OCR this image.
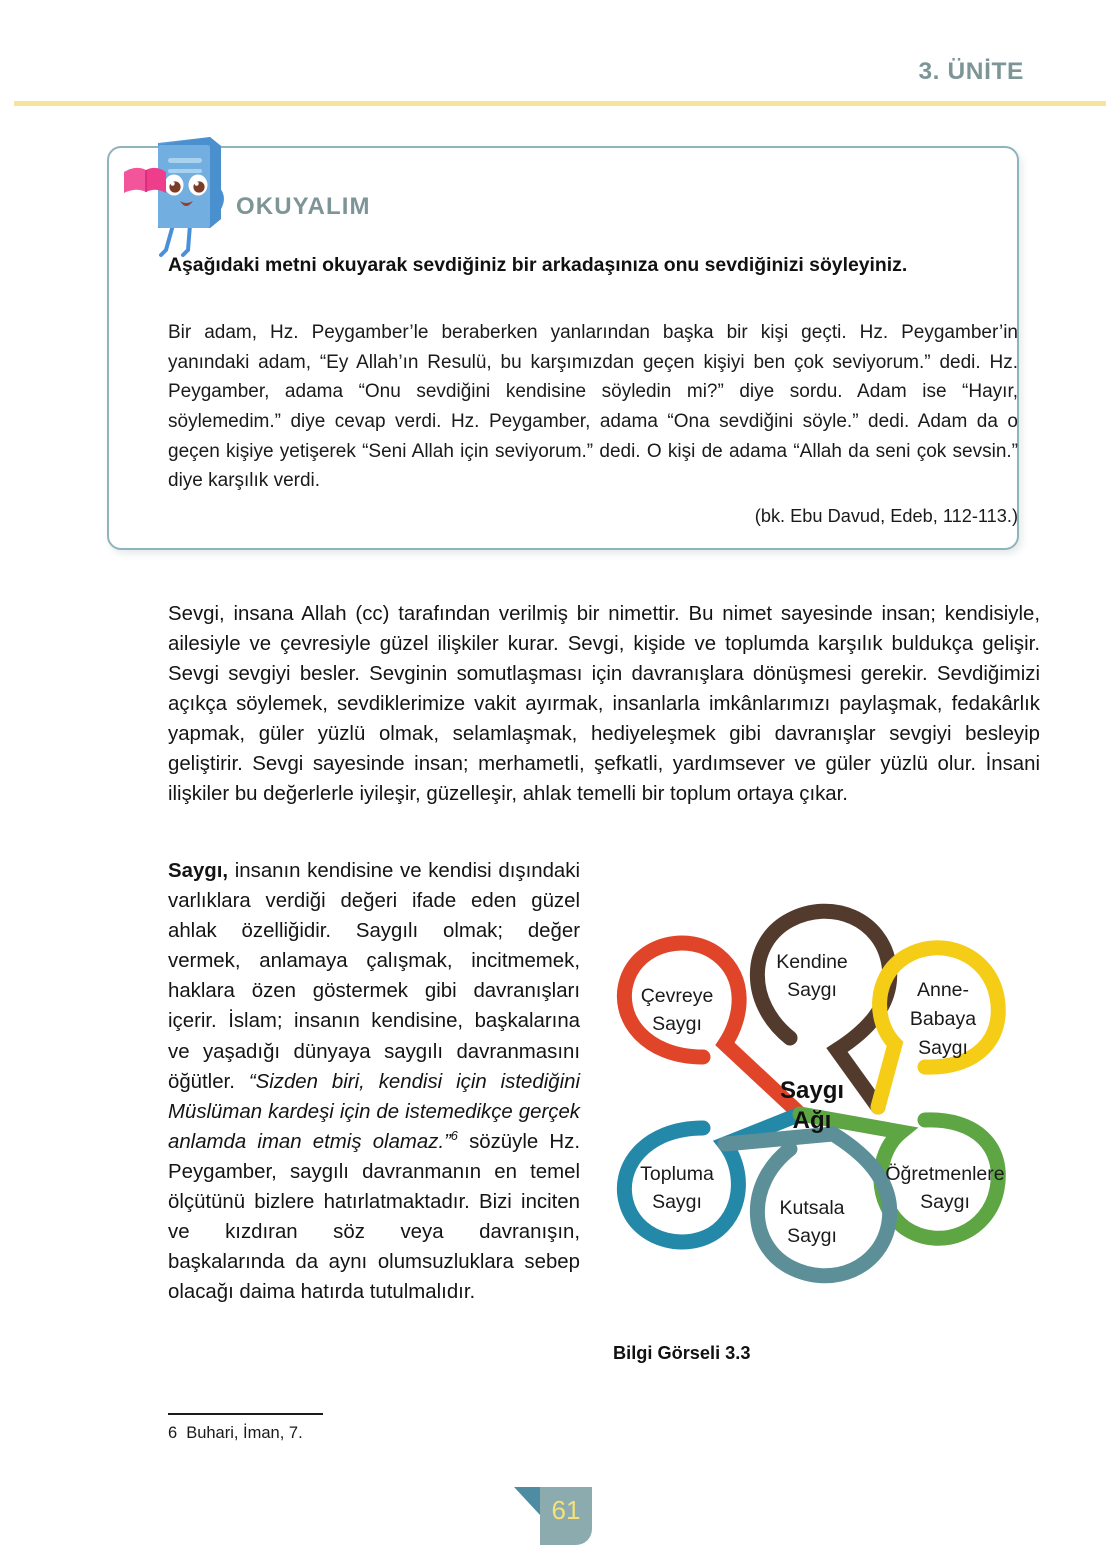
3. ÜNİTE
OKUYALIM
Aşağıdaki metni okuyarak sevdiğiniz bir arkadaşınıza onu sevdiğinizi söyleyiniz.
Bir adam, Hz. Peygamber’le beraberken yanlarından başka bir kişi geçti. Hz. Peygamber’in yanındaki adam, “Ey Allah’ın Resulü, bu karşımızdan geçen kişiyi ben çok seviyorum.” dedi. Hz. Peygamber, adama “Onu sevdiğini kendisine söyledin mi?” diye sordu. Adam ise “Hayır, söylemedim.” diye cevap verdi. Hz. Peygamber, adama “Ona sevdiğini söyle.” dedi. Adam da o geçen kişiye yetişerek “Seni Allah için seviyorum.” dedi. O kişi de adama “Allah da seni çok sevsin.” diye karşılık verdi.
(bk. Ebu Davud, Edeb, 112-113.)
Sevgi, insana Allah (cc) tarafından verilmiş bir nimettir. Bu nimet sayesinde insan; kendisiyle, ailesiyle ve çevresiyle güzel ilişkiler kurar. Sevgi, kişide ve toplumda karşılık buldukça gelişir. Sevgi sevgiyi besler. Sevginin somutlaşması için davranışlara dönüşmesi gerekir. Sevdiğimizi açıkça söylemek, sevdiklerimize vakit ayırmak, insanlarla imkânlarımızı paylaşmak, fedakârlık yapmak, güler yüzlü olmak, selamlaşmak, hediyeleşmek gibi davranışlar sevgiyi besleyip geliştirir. Sevgi sayesinde insan; merhametli, şefkatli, yardımsever ve güler yüzlü olur. İnsani ilişkiler bu değerlerle iyileşir, güzelleşir, ahlak temelli bir toplum ortaya çıkar.
Saygı, insanın kendisine ve kendisi dışındaki varlıklara verdiği değeri ifade eden güzel ahlak özelliğidir. Saygılı olmak; değer vermek, anlamaya çalışmak, incitmemek, haklara özen göstermek gibi davranışları içerir. İslam; insanın kendisine, başkalarına ve yaşadığı dünyaya saygılı davranmasını öğütler. “Sizden biri, kendisi için istediğini Müslüman kardeşi için de istemedikçe gerçek anlamda iman etmiş olamaz.”$^6$ sözüyle Hz. Peygamber, saygılı davranmanın en temel ölçütünü bizlere hatırlatmaktadır. Bizi inciten ve kızdıran söz veya davranışın, başkalarında da aynı olumsuzluklara sebep olacağı daima hatırda tutulmalıdır.
Kendine
Saygı	Anne-
Babaya
Saygı
Öğretmenlere
Saygı
Kutsala
Saygı
Topluma
Saygı
Çevreye
Saygı
Saygı
Ağı
Bilgi Görseli 3.3
6 Buhari, İman, 7.
61
